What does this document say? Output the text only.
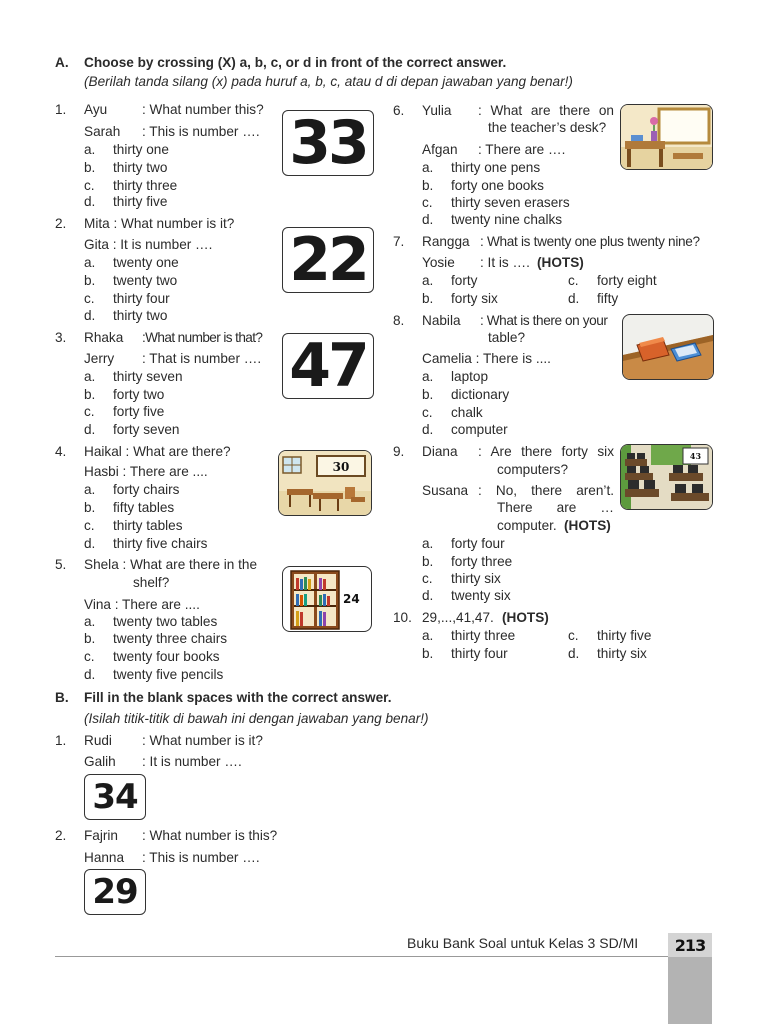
A. Choose by crossing (X) a, b, c, or d in front of the correct answer.
(Berilah tanda silang (x) pada huruf a, b, c, atau d di depan jawaban yang benar!)
1. Ayu	: What number this?
Sarah : This is number ….
a. thirty one
b. thirty two
c. thirty three
d. thirty five
33
2. Mita : What number is it?
Gita : It is number ….
a. twenty one
b. twenty two
c. thirty four
d. thirty two
22
3. Rhaka :What number is that?
Jerry : That is number ….
a. thirty seven
b. forty two
c. forty five
d. forty seven
47
4. Haikal : What are there?
Hasbi : There are ....
a. forty chairs
b. fifty tables
c. thirty tables
d. thirty five chairs
30
5. Shela : What are there in the
shelf?
Vina : There are ....
a. twenty two tables
b. twenty three chairs
c. twenty four books
d. twenty five pencils
24
6. Yulia : What are there on
the teacher’s desk?
Afgan : There are ….
a. thirty one pens
b. forty one books
c. thirty seven erasers
d. twenty nine chalks
7. Rangga : What is twenty one plus twenty nine?
Yosie : It is …. (HOTS)
a. forty	c. forty eight
b. forty six	d. fifty
8. Nabila : What is there on your
table?
Camelia : There is ....
a. laptop
b. dictionary
c. chalk
d. computer
9. Diana : Are there forty six
computers?
Susana : No, there aren’t.
There are …
computer. (HOTS)
a. forty four
b. forty three
c. thirty six
d. twenty six
43
10. 29,...,41,47. (HOTS)
a. thirty three	c. thirty five
b. thirty four	d. thirty six
B. Fill in the blank spaces with the correct answer.
(Isilah titik-titik di bawah ini dengan jawaban yang benar!)
1. Rudi : What number is it?
Galih : It is number ….
34
2. Fajrin : What number is this?
Hanna : This is number ….
29
Buku Bank Soal untuk Kelas 3 SD/MI	213
